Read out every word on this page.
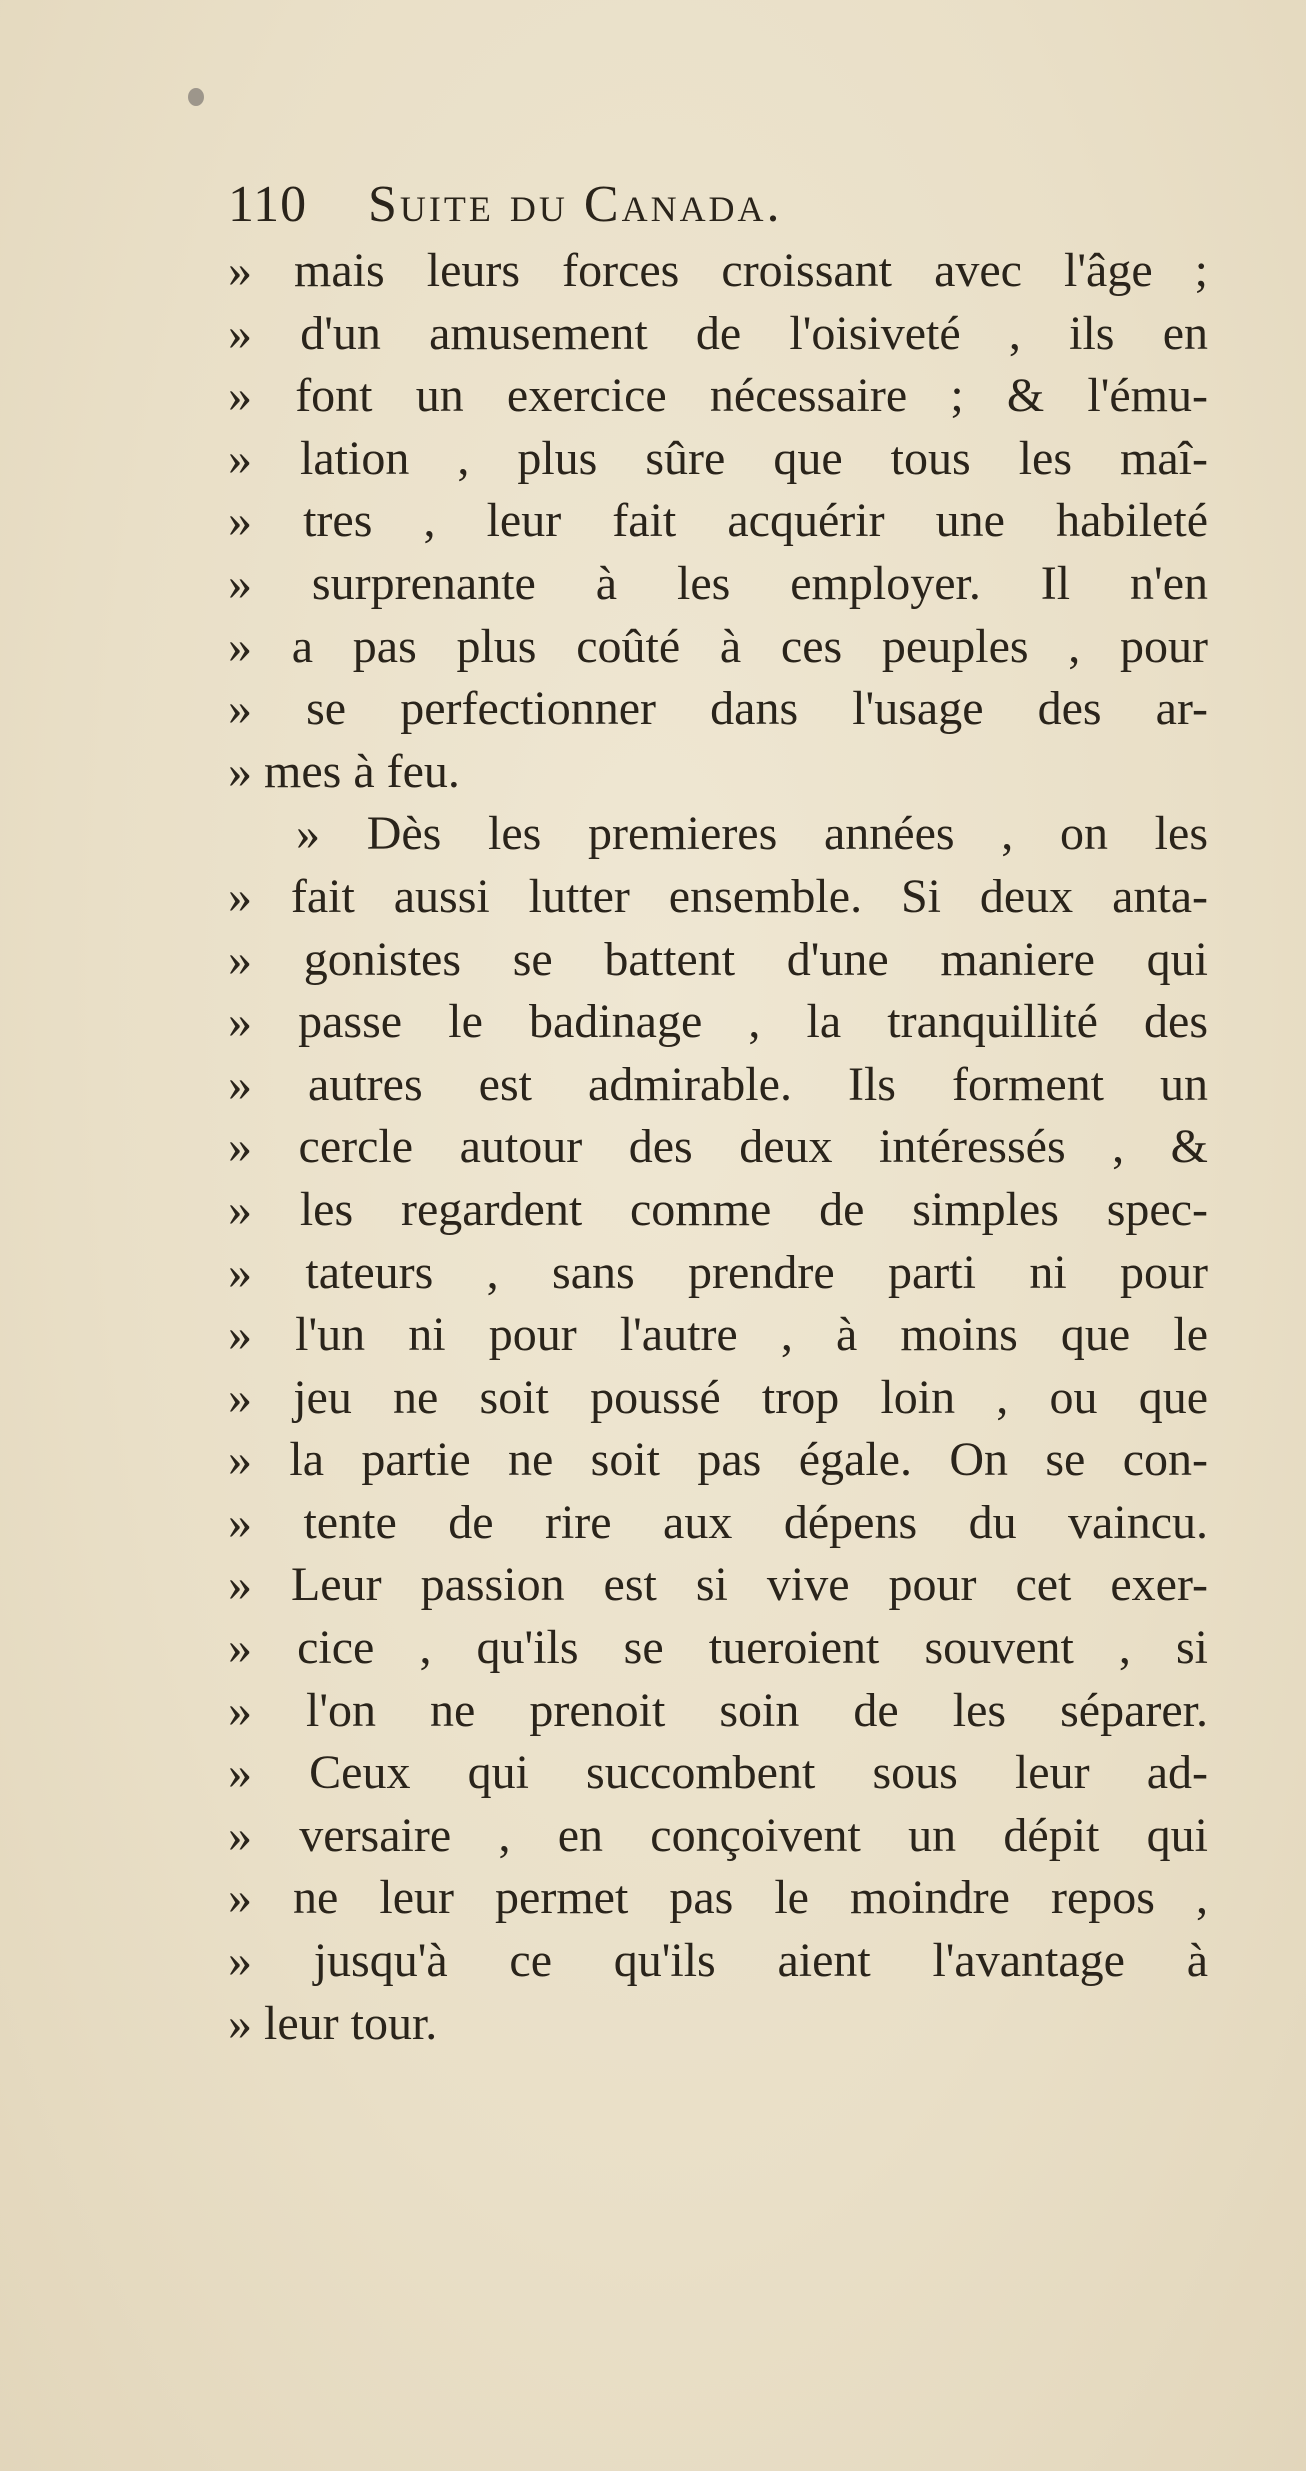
110 Suite du Canada.
» mais leurs forces croissant avec l'âge ;
» d'un amusement de l'oisiveté , ils en
» font un exercice nécessaire ; & l'ému-
» lation , plus sûre que tous les maî-
» tres , leur fait acquérir une habileté
» surprenante à les employer. Il n'en
» a pas plus coûté à ces peuples , pour
» se perfectionner dans l'usage des ar-
» mes à feu.
» Dès les premieres années , on les
» fait aussi lutter ensemble. Si deux anta-
» gonistes se battent d'une maniere qui
» passe le badinage , la tranquillité des
» autres est admirable. Ils forment un
» cercle autour des deux intéressés , &
» les regardent comme de simples spec-
» tateurs , sans prendre parti ni pour
» l'un ni pour l'autre , à moins que le
» jeu ne soit poussé trop loin , ou que
» la partie ne soit pas égale. On se con-
» tente de rire aux dépens du vaincu.
» Leur passion est si vive pour cet exer-
» cice , qu'ils se tueroient souvent , si
» l'on ne prenoit soin de les séparer.
» Ceux qui succombent sous leur ad-
» versaire , en conçoivent un dépit qui
» ne leur permet pas le moindre repos ,
» jusqu'à ce qu'ils aient l'avantage à
» leur tour.
